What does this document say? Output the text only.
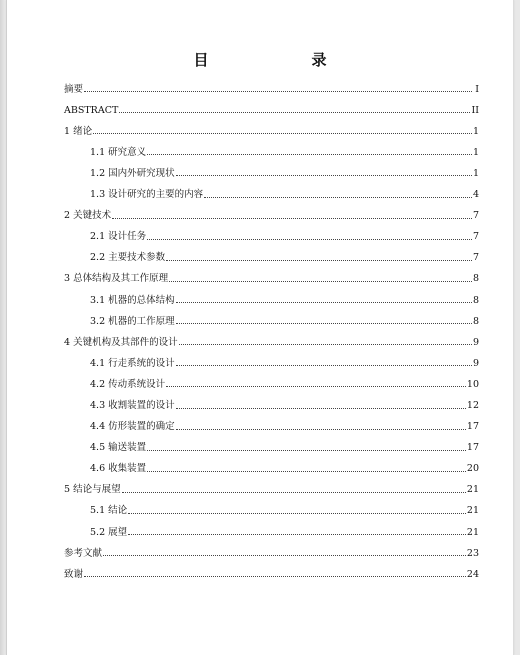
目　录
摘要	I
ABSTRACT	II
1 绪论	1
1.1 研究意义	1
1.2 国内外研究现状	1
1.3 设计研究的主要的内容	4
2 关键技术	7
2.1 设计任务	7
2.2 主要技术参数	7
3 总体结构及其工作原理	8
3.1 机器的总体结构	8
3.2 机器的工作原理	8
4 关键机构及其部件的设计	9
4.1 行走系统的设计	9
4.2 传动系统设计	10
4.3 收割装置的设计	12
4.4 仿形装置的确定	17
4.5 输送装置	17
4.6 收集装置	20
5 结论与展望	21
5.1 结论	21
5.2 展望	21
参考文献	23
致谢	24
